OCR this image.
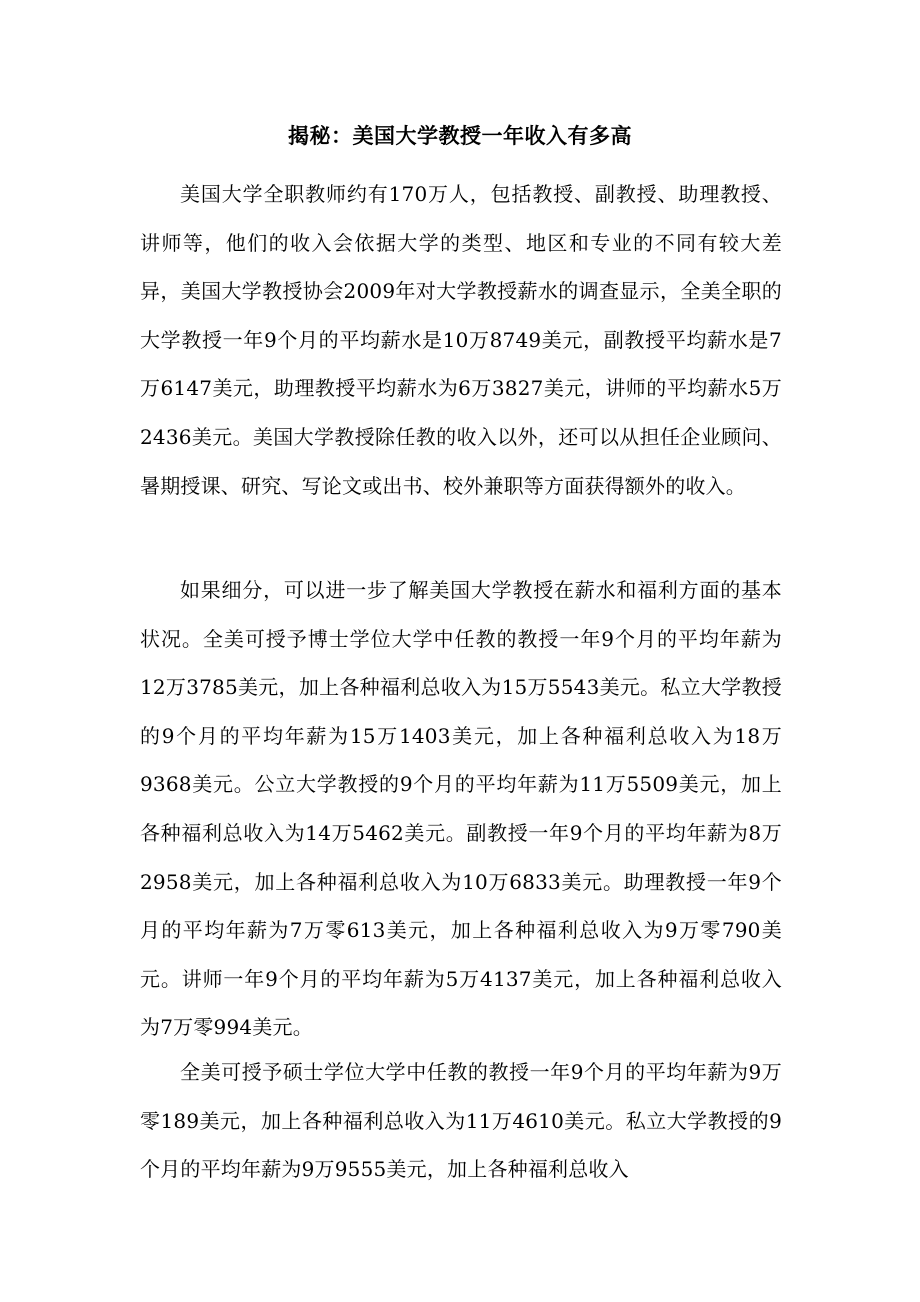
揭秘：美国大学教授一年收入有多高

美国大学全职教师约有170万人，包括教授、副教授、助理教授、讲师等，他们的收入会依据大学的类型、地区和专业的不同有较大差异，美国大学教授协会2009年对大学教授薪水的调查显示，全美全职的大学教授一年9个月的平均薪水是10万8749美元，副教授平均薪水是7万6147美元，助理教授平均薪水为6万3827美元，讲师的平均薪水5万2436美元。美国大学教授除任教的收入以外，还可以从担任企业顾问、暑期授课、研究、写论文或出书、校外兼职等方面获得额外的收入。

如果细分，可以进一步了解美国大学教授在薪水和福利方面的基本状况。全美可授予博士学位大学中任教的教授一年9个月的平均年薪为12万3785美元，加上各种福利总收入为15万5543美元。私立大学教授的9个月的平均年薪为15万1403美元，加上各种福利总收入为18万9368美元。公立大学教授的9个月的平均年薪为11万5509美元，加上各种福利总收入为14万5462美元。副教授一年9个月的平均年薪为8万2958美元，加上各种福利总收入为10万6833美元。助理教授一年9个月的平均年薪为7万零613美元，加上各种福利总收入为9万零790美元。讲师一年9个月的平均年薪为5万4137美元，加上各种福利总收入为7万零994美元。

全美可授予硕士学位大学中任教的教授一年9个月的平均年薪为9万零189美元，加上各种福利总收入为11万4610美元。私立大学教授的9个月的平均年薪为9万9555美元，加上各种福利总收入
